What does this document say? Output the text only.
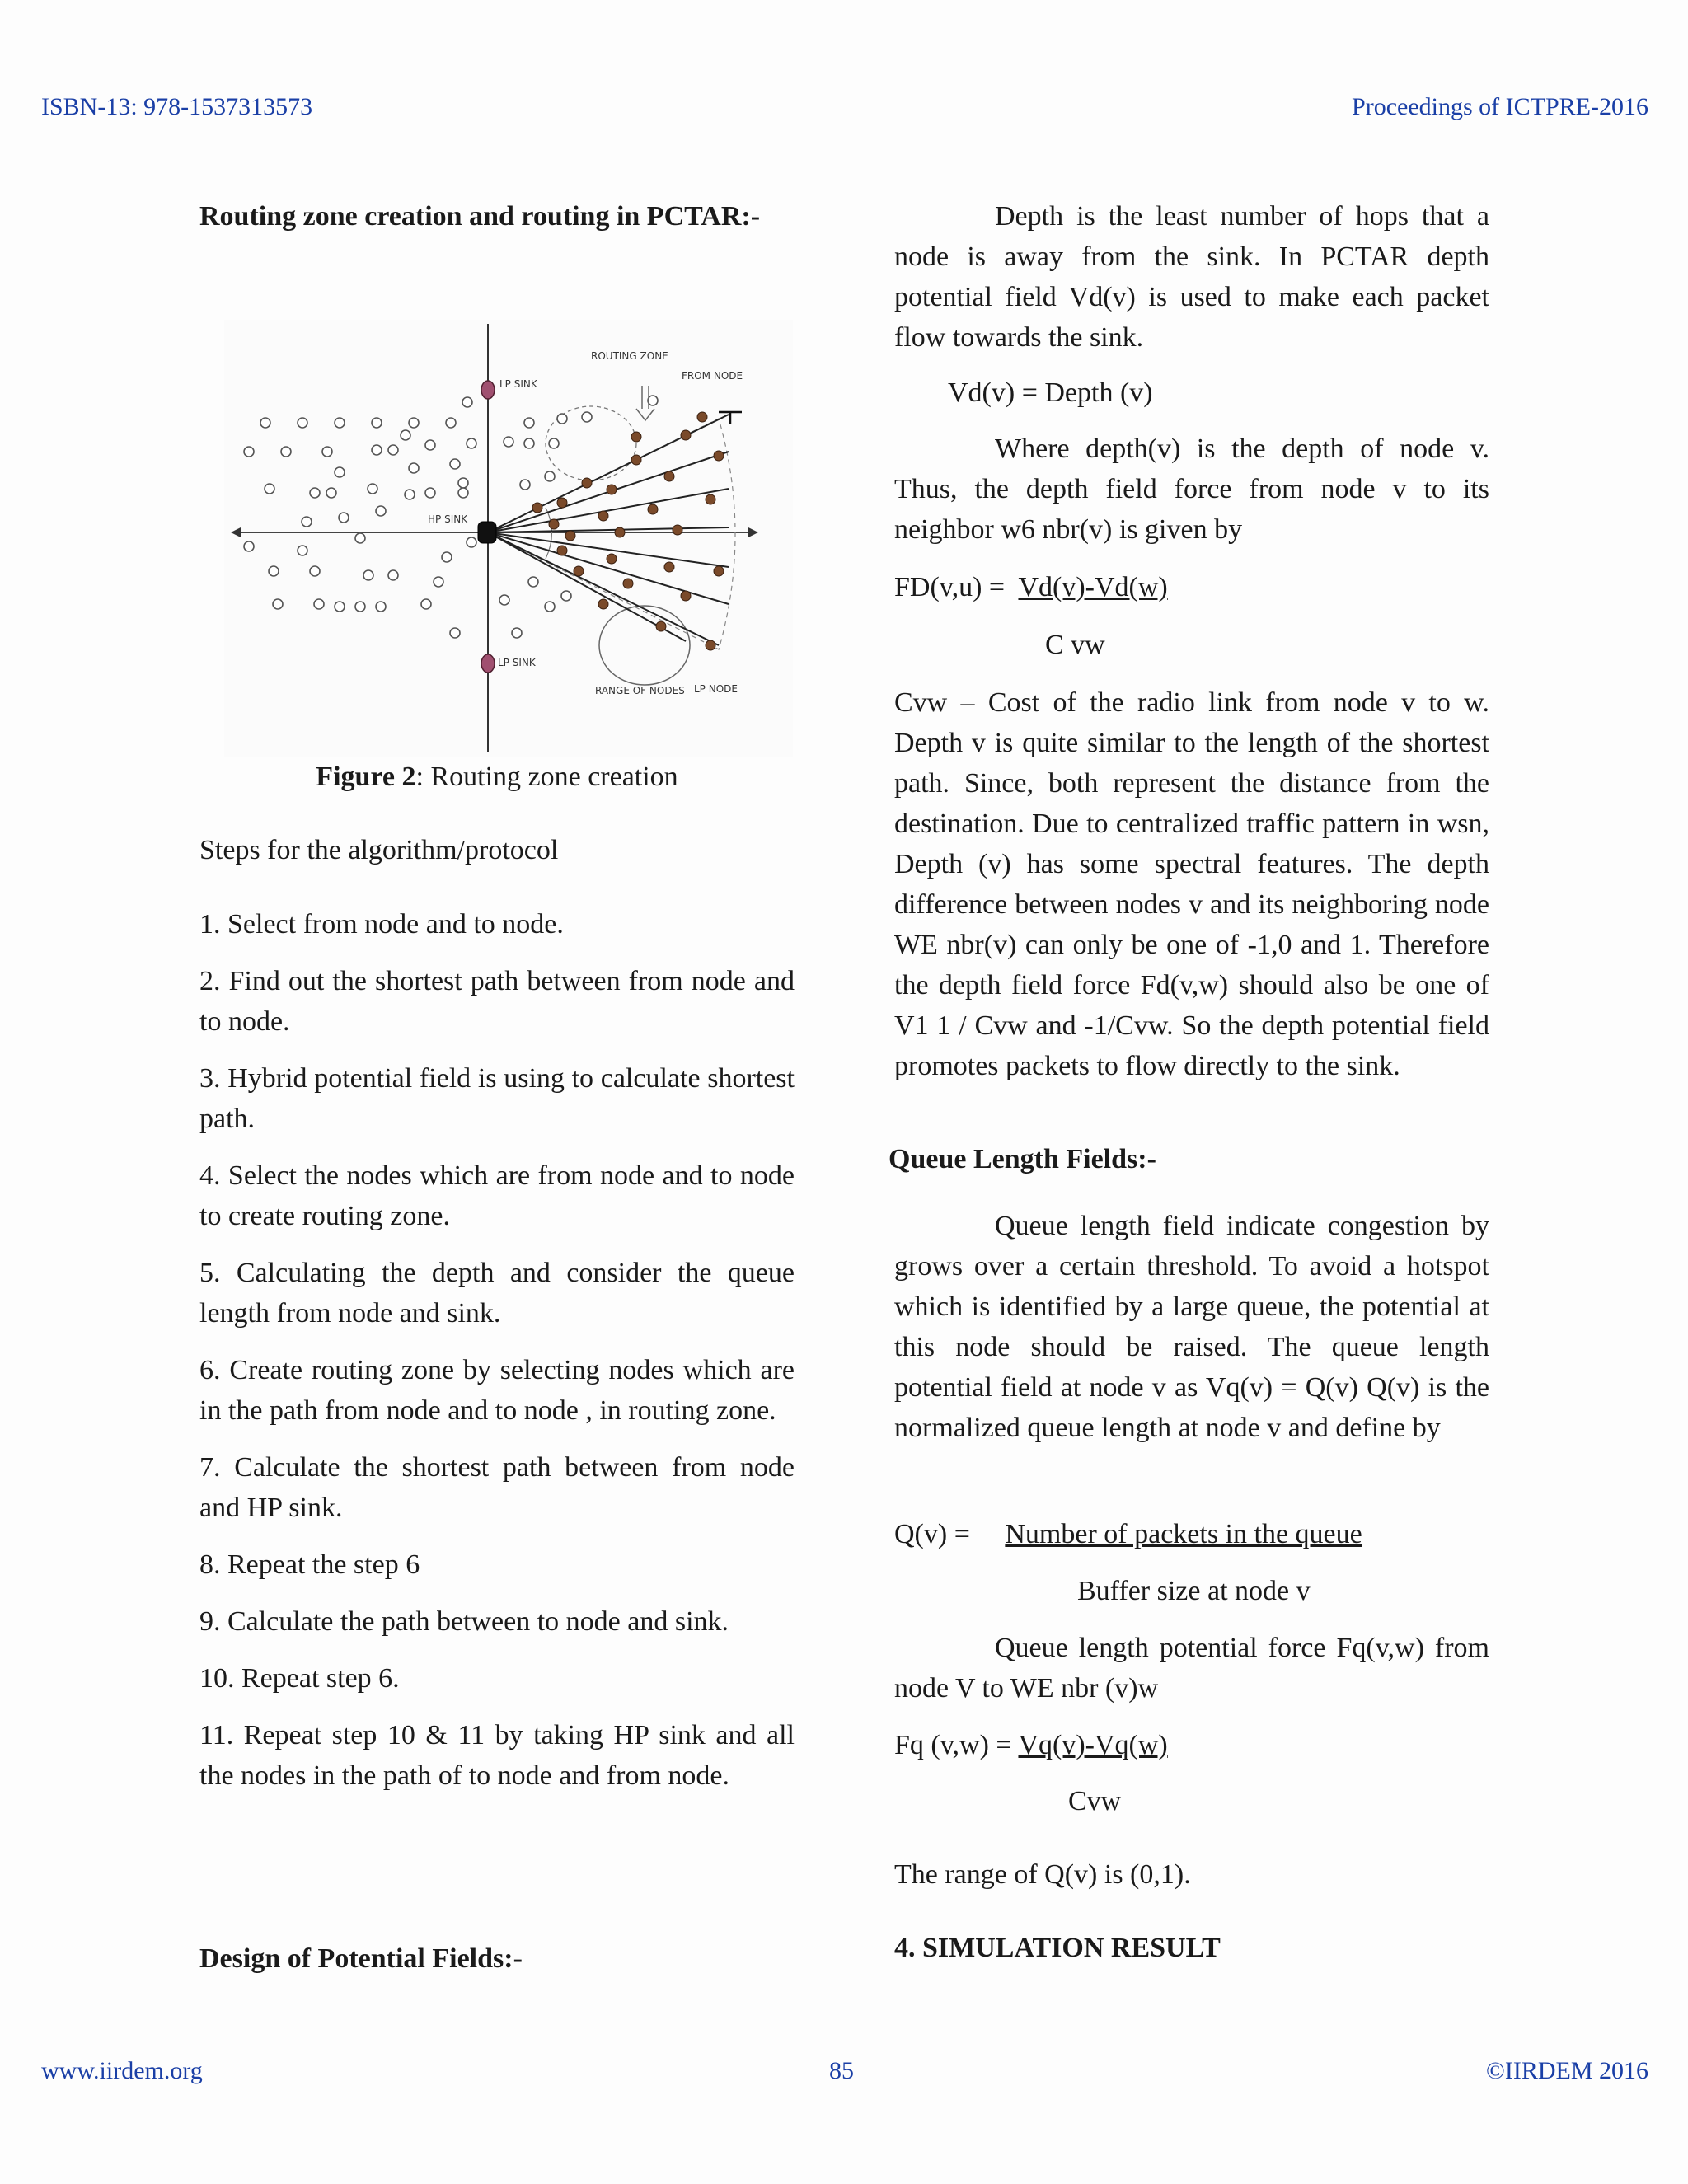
ISBN-13: 978-1537313573	Proceedings of ICTPRE-2016

Routing zone creation and routing in PCTAR:-

ROUTING ZONE
FROM NODE
LP SINK
HP SINK
LP SINK
RANGE OF NODES LP NODE
Figure 2: Routing zone creation
Steps for the algorithm/protocol

1. Select from node and to node.

2. Find out the shortest path between from node and to node.

3. Hybrid potential field is using to calculate shortest path.

4. Select the nodes which are from node and to node to create routing zone.

5. Calculating the depth and consider the queue length from node and sink.

6. Create routing zone by selecting nodes which are in the path from node and to node , in routing zone.

7. Calculate the shortest path between from node and HP sink.

8. Repeat the step 6

9. Calculate the path between to node and sink.

10. Repeat step 6.

11. Repeat step 10 & 11 by taking HP sink and all the nodes in the path of to node and from node.

Design of Potential Fields:-

Depth is the least number of hops that a node is away from the sink. In PCTAR depth potential field Vd(v) is used to make each packet flow towards the sink.

Vd(v) = Depth (v)

Where depth(v) is the depth of node v. Thus, the depth field force from node v to its neighbor w6 nbr(v) is given by

FD(v,u) = Vd(v)-Vd(w)
C vw

Cvw – Cost of the radio link from node v to w. Depth v is quite similar to the length of the shortest path. Since, both represent the distance from the destination. Due to centralized traffic pattern in wsn, Depth (v) has some spectral features. The depth difference between nodes v and its neighboring node WE nbr(v) can only be one of -1,0 and 1. Therefore the depth field force Fd(v,w) should also be one of V1 1 / Cvw and -1/Cvw. So the depth potential field promotes packets to flow directly to the sink.

Queue Length Fields:-

Queue length field indicate congestion by grows over a certain threshold. To avoid a hotspot which is identified by a large queue, the potential at this node should be raised. The queue length potential field at node v as Vq(v) = Q(v) Q(v) is the normalized queue length at node v and define by

Q(v) = Number of packets in the queue
Buffer size at node v

Queue length potential force Fq(v,w) from node V to WE nbr (v)w

Fq (v,w) = Vq(v)-Vq(w)
Cvw
The range of Q(v) is (0,1).
4. SIMULATION RESULT
www.iirdem.org	85	©IIRDEM 2016
